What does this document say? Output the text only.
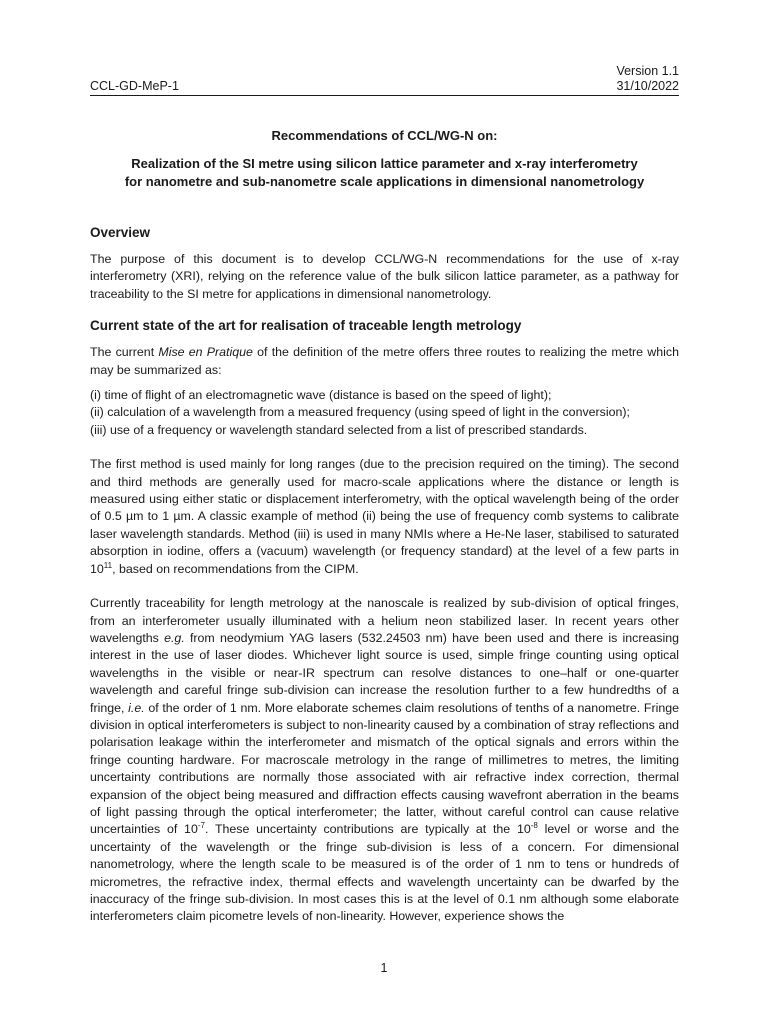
CCL-GD-MeP-1
Version 1.1
31/10/2022
Recommendations of CCL/WG-N on:
Realization of the SI metre using silicon lattice parameter and x-ray interferometry
for nanometre and sub-nanometre scale applications in dimensional nanometrology
Overview

The purpose of this document is to develop CCL/WG-N recommendations for the use of x-ray interferometry (XRI), relying on the reference value of the bulk silicon lattice parameter, as a pathway for traceability to the SI metre for applications in dimensional nanometrology.

Current state of the art for realisation of traceable length metrology

The current Mise en Pratique of the definition of the metre offers three routes to realizing the metre which may be summarized as:

(i) time of flight of an electromagnetic wave (distance is based on the speed of light);
(ii) calculation of a wavelength from a measured frequency (using speed of light in the conversion);
(iii) use of a frequency or wavelength standard selected from a list of prescribed standards.

The first method is used mainly for long ranges (due to the precision required on the timing). The second and third methods are generally used for macro-scale applications where the distance or length is measured using either static or displacement interferometry, with the optical wavelength being of the order of 0.5 µm to 1 µm. A classic example of method (ii) being the use of frequency comb systems to calibrate laser wavelength standards. Method (iii) is used in many NMIs where a He-Ne laser, stabilised to saturated absorption in iodine, offers a (vacuum) wavelength (or frequency standard) at the level of a few parts in $10^{11}$, based on recommendations from the CIPM.

Currently traceability for length metrology at the nanoscale is realized by sub-division of optical fringes, from an interferometer usually illuminated with a helium neon stabilized laser. In recent years other wavelengths e.g. from neodymium YAG lasers (532.24503 nm) have been used and there is increasing interest in the use of laser diodes. Whichever light source is used, simple fringe counting using optical wavelengths in the visible or near-IR spectrum can resolve distances to one–half or one-quarter wavelength and careful fringe sub-division can increase the resolution further to a few hundredths of a fringe, i.e. of the order of 1 nm. More elaborate schemes claim resolutions of tenths of a nanometre. Fringe division in optical interferometers is subject to non-linearity caused by a combination of stray reflections and polarisation leakage within the interferometer and mismatch of the optical signals and errors within the fringe counting hardware. For macroscale metrology in the range of millimetres to metres, the limiting uncertainty contributions are normally those associated with air refractive index correction, thermal expansion of the object being measured and diffraction effects causing wavefront aberration in the beams of light passing through the optical interferometer; the latter, without careful control can cause relative uncertainties of $10^{-7}$. These uncertainty contributions are typically at the $10^{-8}$ level or worse and the uncertainty of the wavelength or the fringe sub-division is less of a concern. For dimensional nanometrology, where the length scale to be measured is of the order of 1 nm to tens or hundreds of micrometres, the refractive index, thermal effects and wavelength uncertainty can be dwarfed by the inaccuracy of the fringe sub-division. In most cases this is at the level of 0.1 nm although some elaborate interferometers claim picometre levels of non-linearity. However, experience shows the

1
